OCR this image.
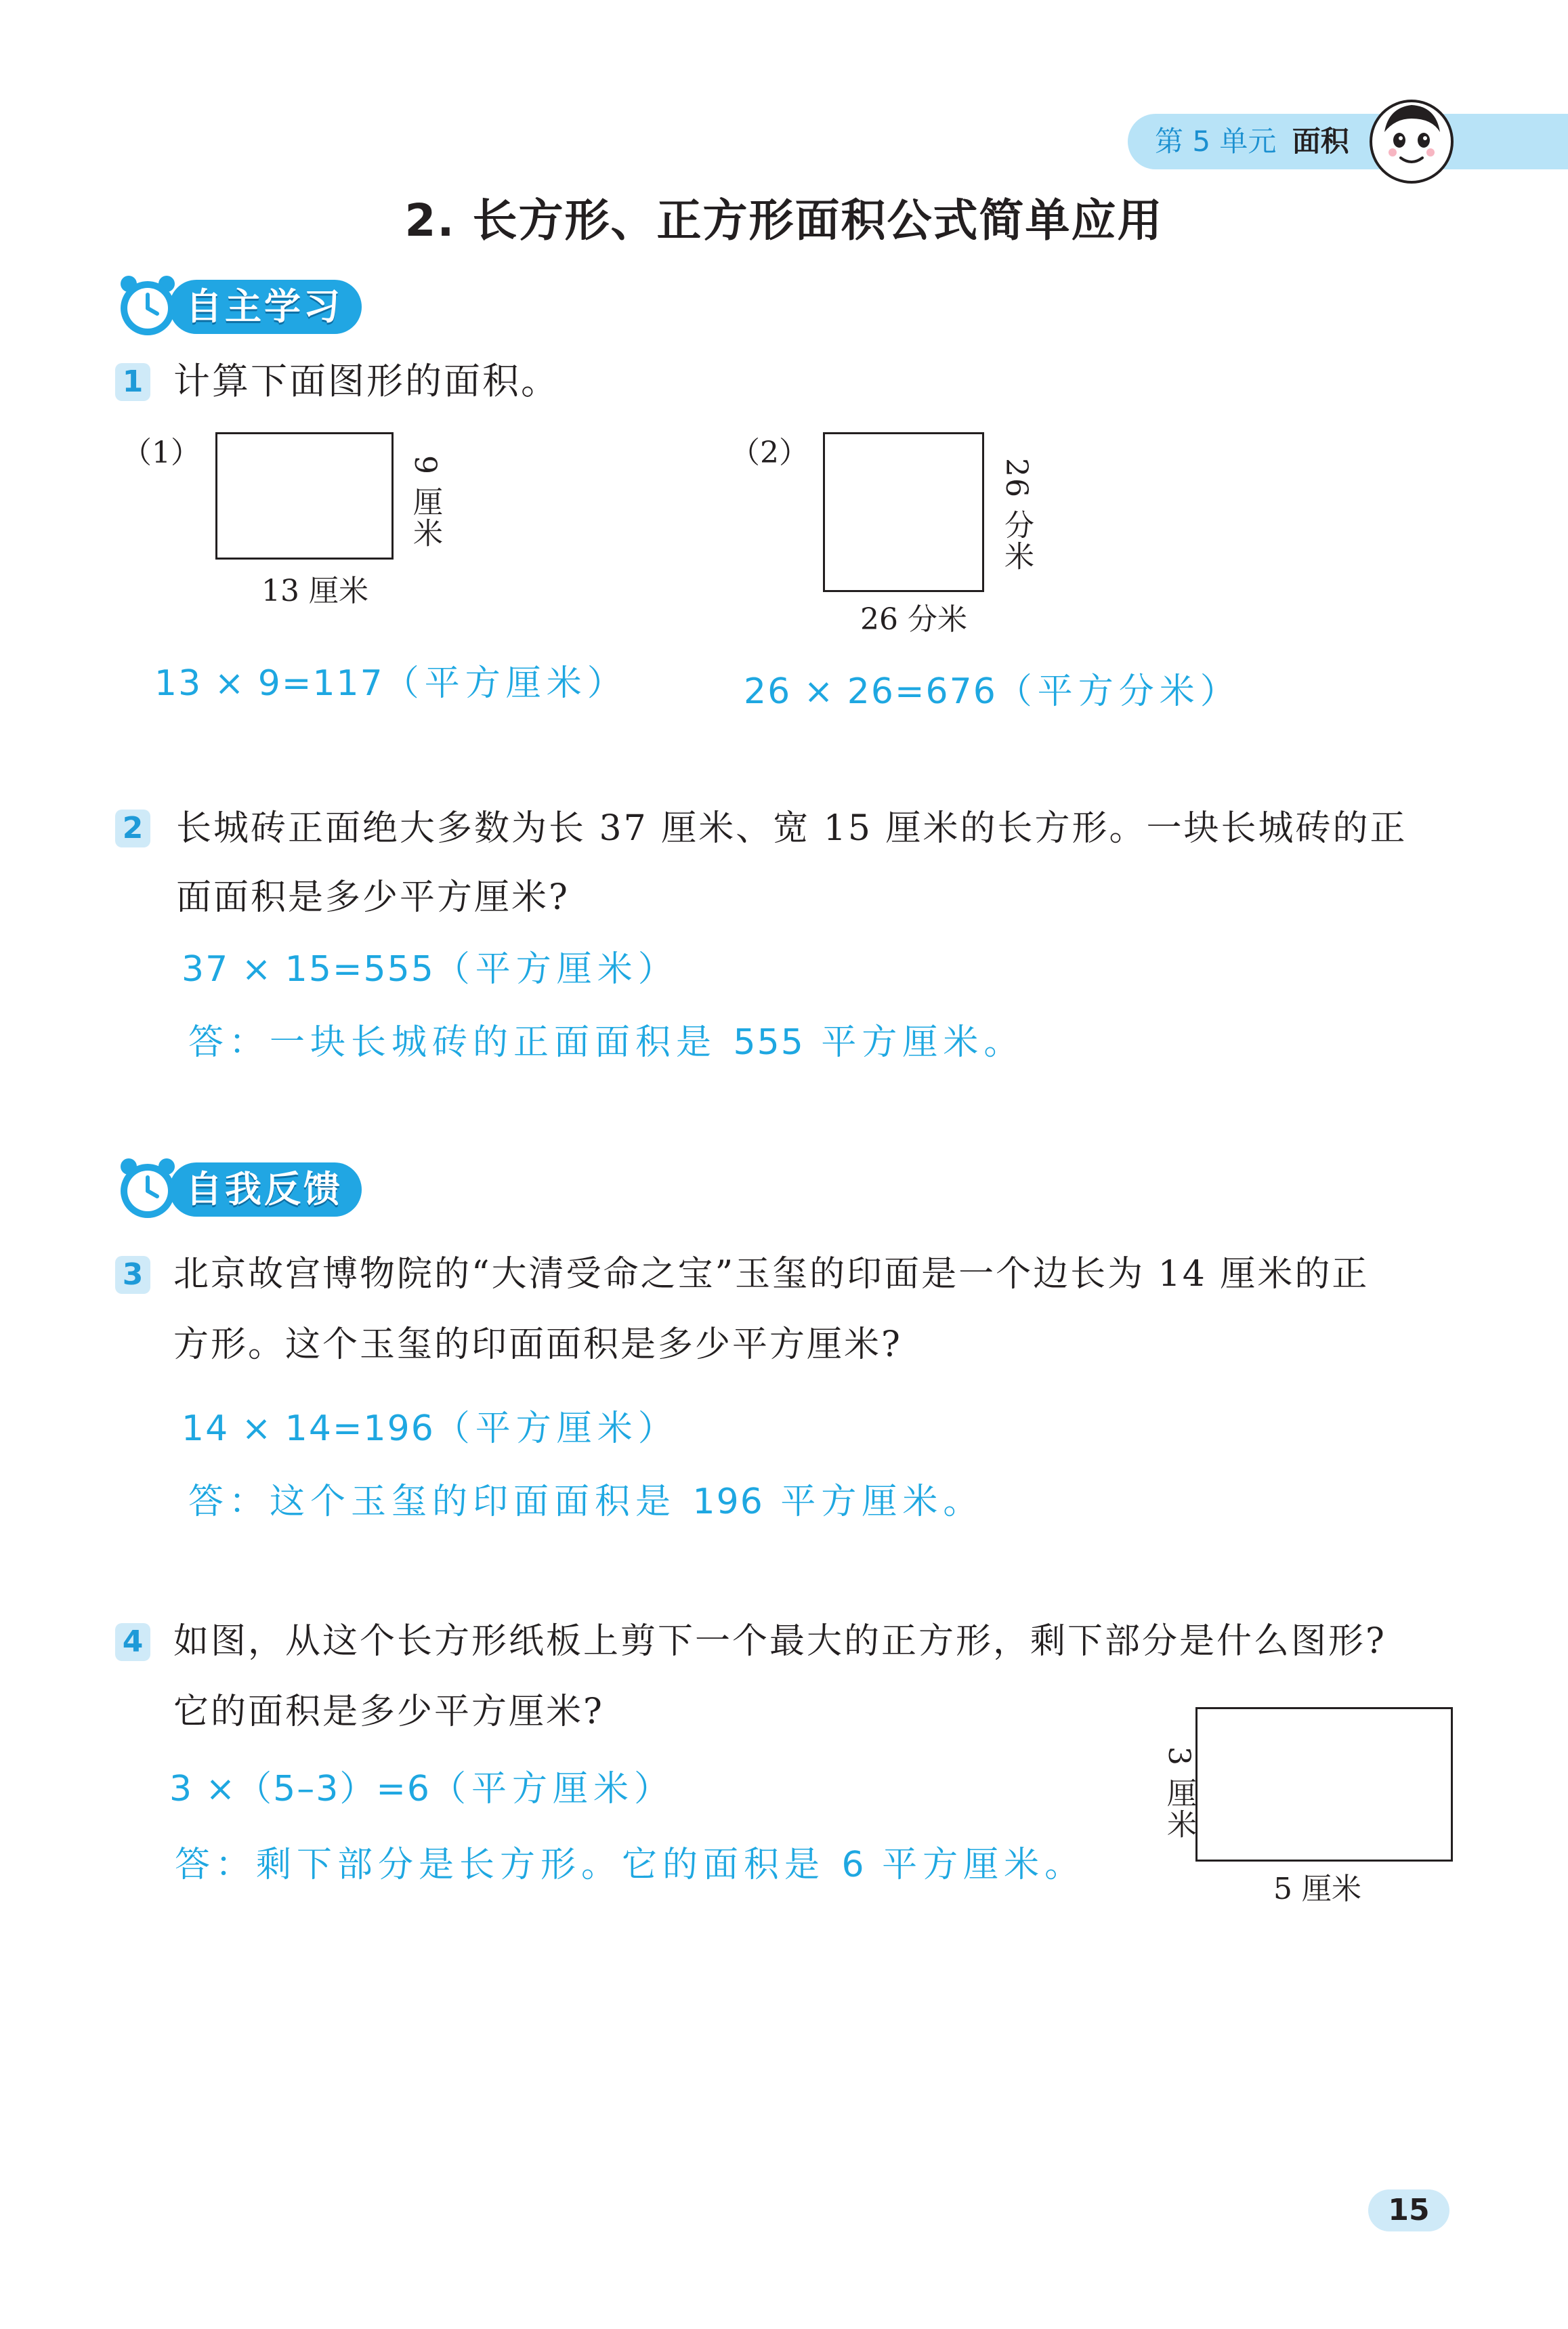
第 5 单元 面积
2. 长方形、正方形面积公式简单应用
自主学习
1 计算下面图形的面积。
（1）
9 厘米
13 厘米
（2）
26 分米
26 分米
13 × 9=117（平方厘米）	26 × 26=676（平方分米）
2 长城砖正面绝大多数为长 37 厘米、宽 15 厘米的长方形。一块长城砖的正
面面积是多少平方厘米?
37 × 15=555（平方厘米）
答：一块长城砖的正面面积是 555 平方厘米。
自我反馈
3 北京故宫博物院的“大清受命之宝”玉玺的印面是一个边长为 14 厘米的正
方形。这个玉玺的印面面积是多少平方厘米?
14 × 14=196（平方厘米）
答：这个玉玺的印面面积是 196 平方厘米。
4 如图，从这个长方形纸板上剪下一个最大的正方形，剩下部分是什么图形?
它的面积是多少平方厘米?
3 ×（5–3）=6（平方厘米）
答：剩下部分是长方形。它的面积是 6 平方厘米。
3 厘米
5 厘米
15
